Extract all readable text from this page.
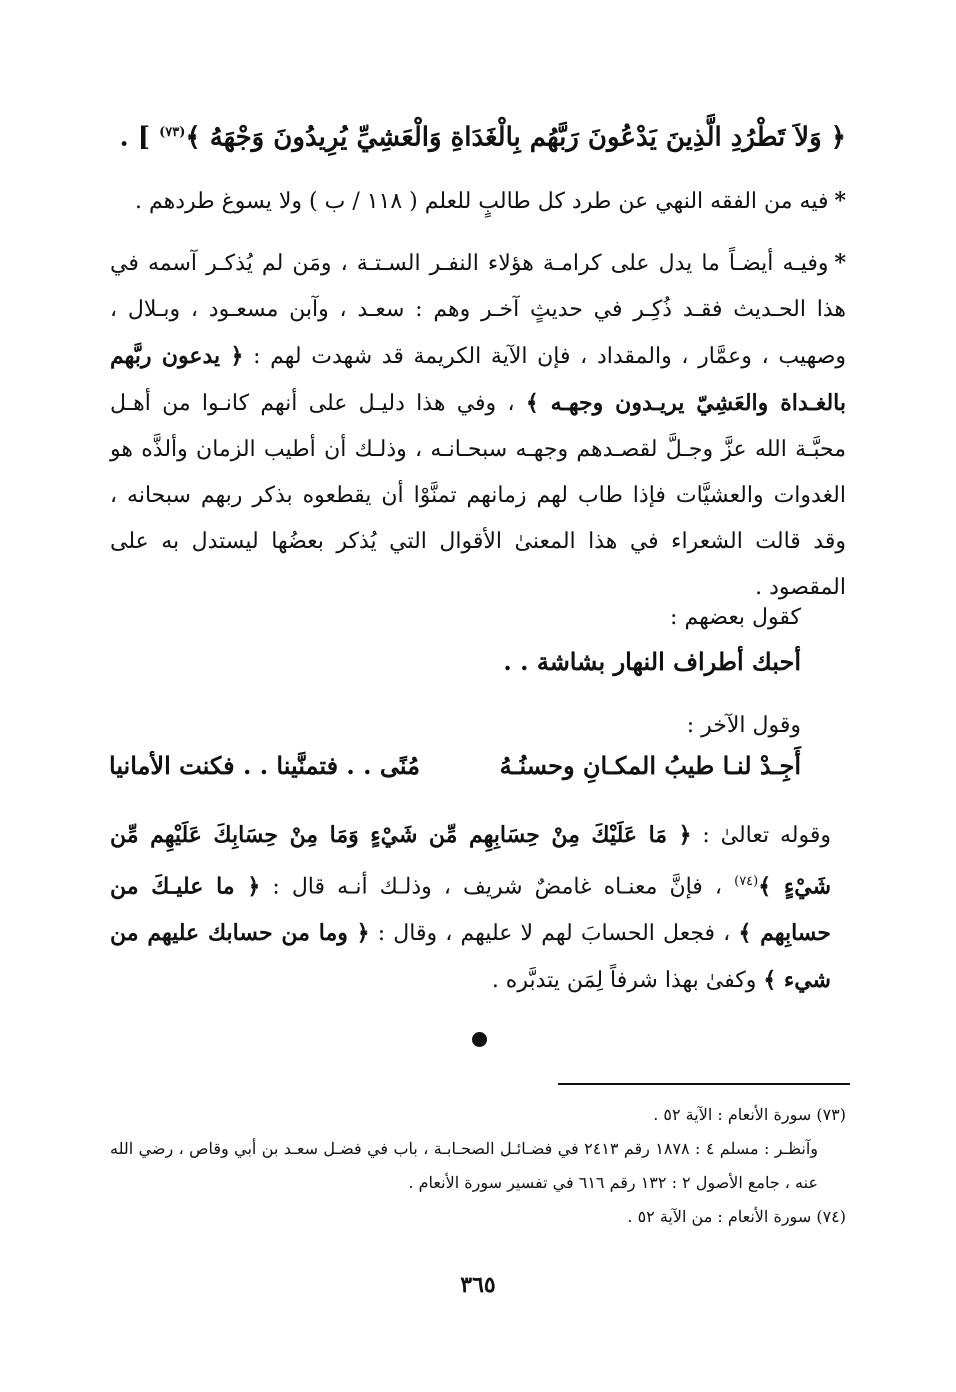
﴿ وَلاَ تَطْرُدِ الَّذِينَ يَدْعُونَ رَبَّهُم بِالْغَدَاةِ وَالْعَشِيِّ يُرِيدُونَ وَجْهَهُ ﴾$^{(٧٣)}$ ] .
*فيه من الفقه النهي عن طرد كل طالبٍ للعلم ( ١١٨ / ب ) ولا يسوغ طردهم .
*وفيـه أيضـاً ما يدل على كرامـة هؤلاء النفـر السـتـة ، ومَن لم يُذكـر آسمه في هذا الحـديث فقـد ذُكِـر في حديثٍ آخـر وهم : سعـد ، وآبن مسعـود ، وبـلال ، وصهيب ، وعمَّار ، والمقداد ، فإن الآية الكريمة قد شهدت لهم : ﴿ يدعون ربَّهم بالغـداة والعَشِيّ يريـدون وجهـه ﴾ ، وفي هذا دليـل على أنهم كانـوا من أهـل محبَّـة الله عزَّ وجـلَّ لقصـدهم وجهـه سبحـانـه ، وذلـك أن أطيب الزمان وألذَّه هو الغدوات والعشيَّات فإذا طاب لهم زمانهم تمنَّوْا أن يقطعوه بذكر ربهم سبحانه ، وقد قالت الشعراء في هذا المعنىٰ الأقوال التي يُذكر بعضُها ليستدل به على المقصود .
كقول بعضهم :
أحبك أطراف النهار بشاشة . .
وقول الآخر :
أَجِـدْ لنـا طيبُ المكـانِ وحسنُـهُ
مُنًى . . فتمنَّينا . . فكنت الأمانيا
وقوله تعالىٰ : ﴿ مَا عَلَيْكَ مِنْ حِسَابِهِم مِّن شَيْءٍ وَمَا مِنْ حِسَابِكَ عَلَيْهِم مِّن شَيْءٍ ﴾$^{(٧٤)}$ ، فإنَّ معنـاه غامضٌ شريف ، وذلـك أنـه قال : ﴿ ما عليـكَ من حسابِهم ﴾ ، فجعل الحسابَ لهم لا عليهم ، وقال : ﴿ وما من حسابك عليهم من شيء ﴾ وكفىٰ بهذا شرفاً لِمَن يتدبَّره .

(٧٣) سورة الأنعام : الآية ٥٢ .

وآنظـر : مسلم ٤ : ١٨٧٨ رقم ٢٤١٣ في فضـائـل الصحـابـة ، باب في فضـل سعـد بن أبي وقاص ، رضي الله عنه ، جامع الأصول ٢ : ١٣٢ رقم ٦١٦ في تفسير سورة الأنعام .

(٧٤) سورة الأنعام : من الآية ٥٢ .

٣٦٥
